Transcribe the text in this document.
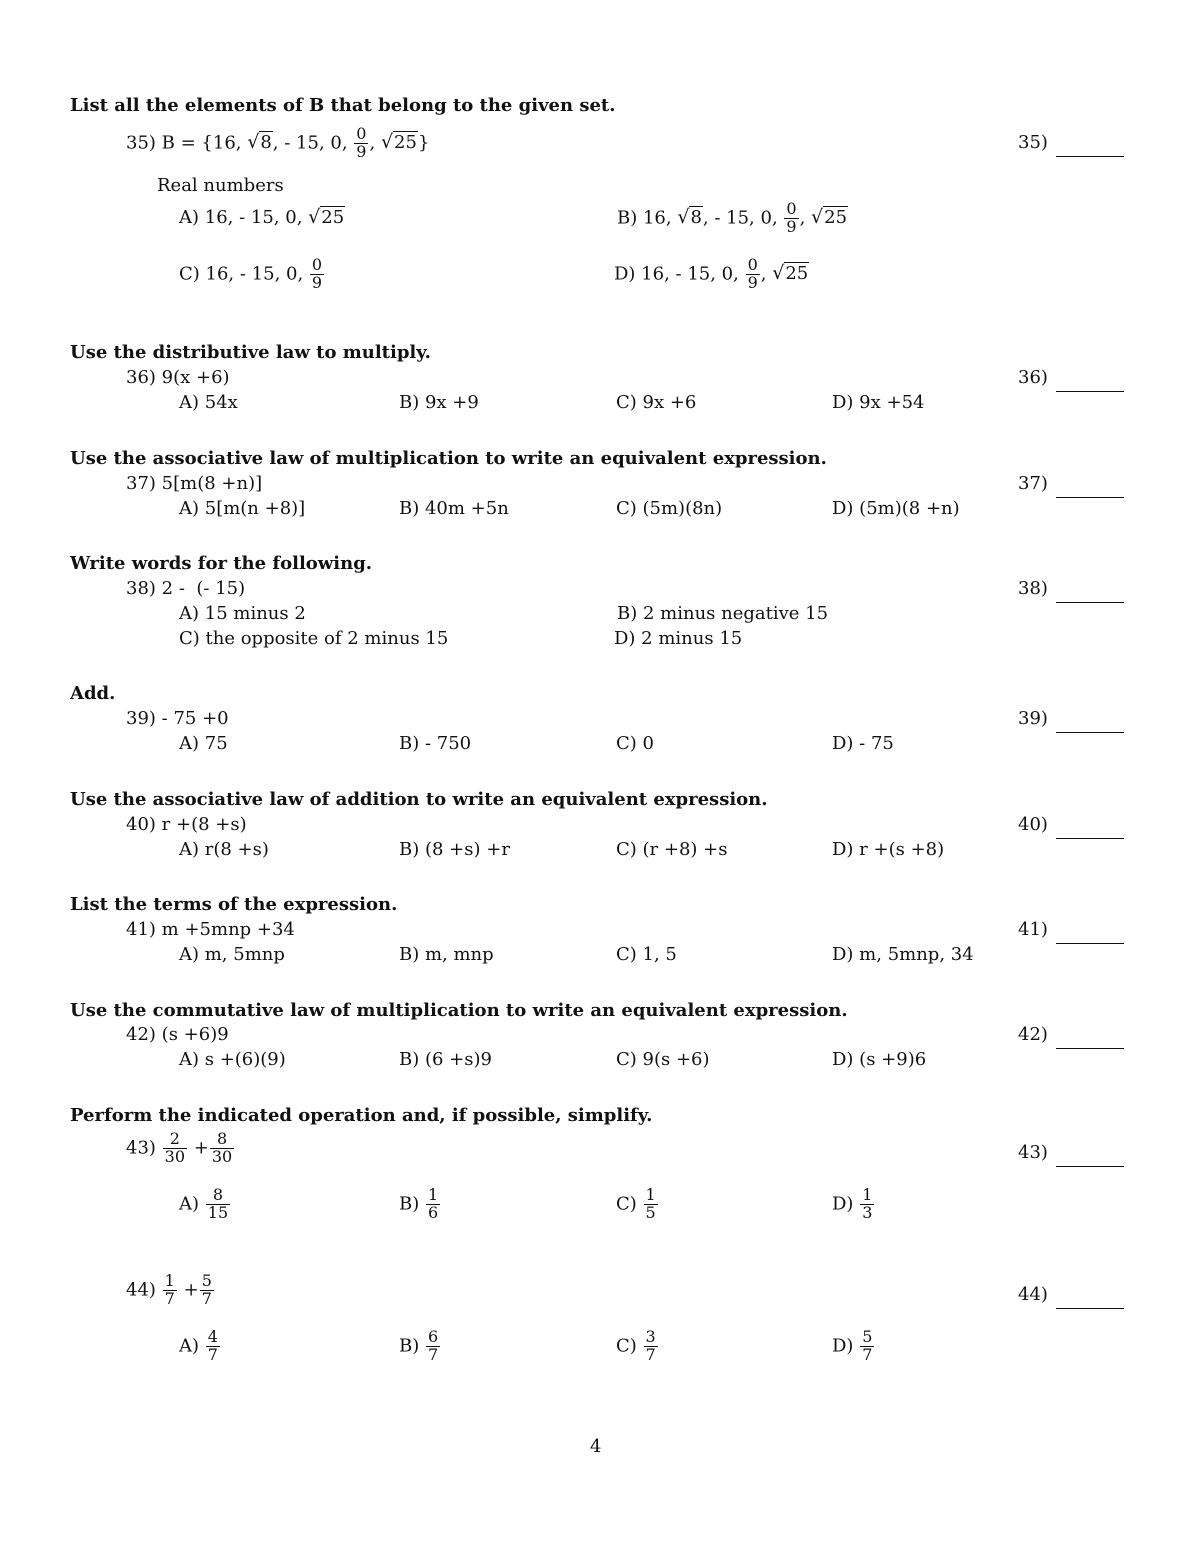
List all the elements of B that belong to the given set.
35) B = {16, √8, - 15, 0, $\frac{0}{9}$ , √25}	35)
Real numbers
A) 16, - 15, 0, √25	B) 16, √8, - 15, 0, $\frac{0}{9}$ , √25
C) 16, - 15, 0, $\frac{0}{9}$	D) 16, - 15, 0, $\frac{0}{9}$ , √25
Use the distributive law to multiply.
36) 9(x +6)	36)
A) 54x	B) 9x +9	C) 9x +6	D) 9x +54
Use the associative law of multiplication to write an equivalent expression.
37) 5[m(8 +n)]	37)
A) 5[m(n +8)]	B) 40m +5n	C) (5m)(8n)	D) (5m)(8 +n)
Write words for the following.
38) 2 -  (- 15)	38)
A) 15 minus 2	B) 2 minus negative 15
C) the opposite of 2 minus 15	D) 2 minus 15
Add.
39) - 75 +0	39)
A) 75	B) - 750	C) 0	D) - 75
Use the associative law of addition to write an equivalent expression.
40) r +(8 +s)	40)
A) r(8 +s)	B) (8 +s) +r	C) (r +8) +s	D) r +(s +8)
List the terms of the expression.
41) m +5mnp +34	41)
A) m, 5mnp	B) m, mnp	C) 1, 5	D) m, 5mnp, 34
Use the commutative law of multiplication to write an equivalent expression.
42) (s +6)9	42)
A) s +(6)(9)	B) (6 +s)9	C) 9(s +6)	D) (s +9)6
Perform the indicated operation and, if possible, simplify.
$43) \frac{2}{30} + \frac{8}{30}$	43)
$A) \frac{8}{15}$	$B) \frac{1}{6}$	$C) \frac{1}{5}$	$D) \frac{1}{3}$
$44) \frac{1}{7} + \frac{5}{7}$	44)
$A) \frac{4}{7}$	$B) \frac{6}{7}$	$C) \frac{3}{7}$	$D) \frac{5}{7}$
4
